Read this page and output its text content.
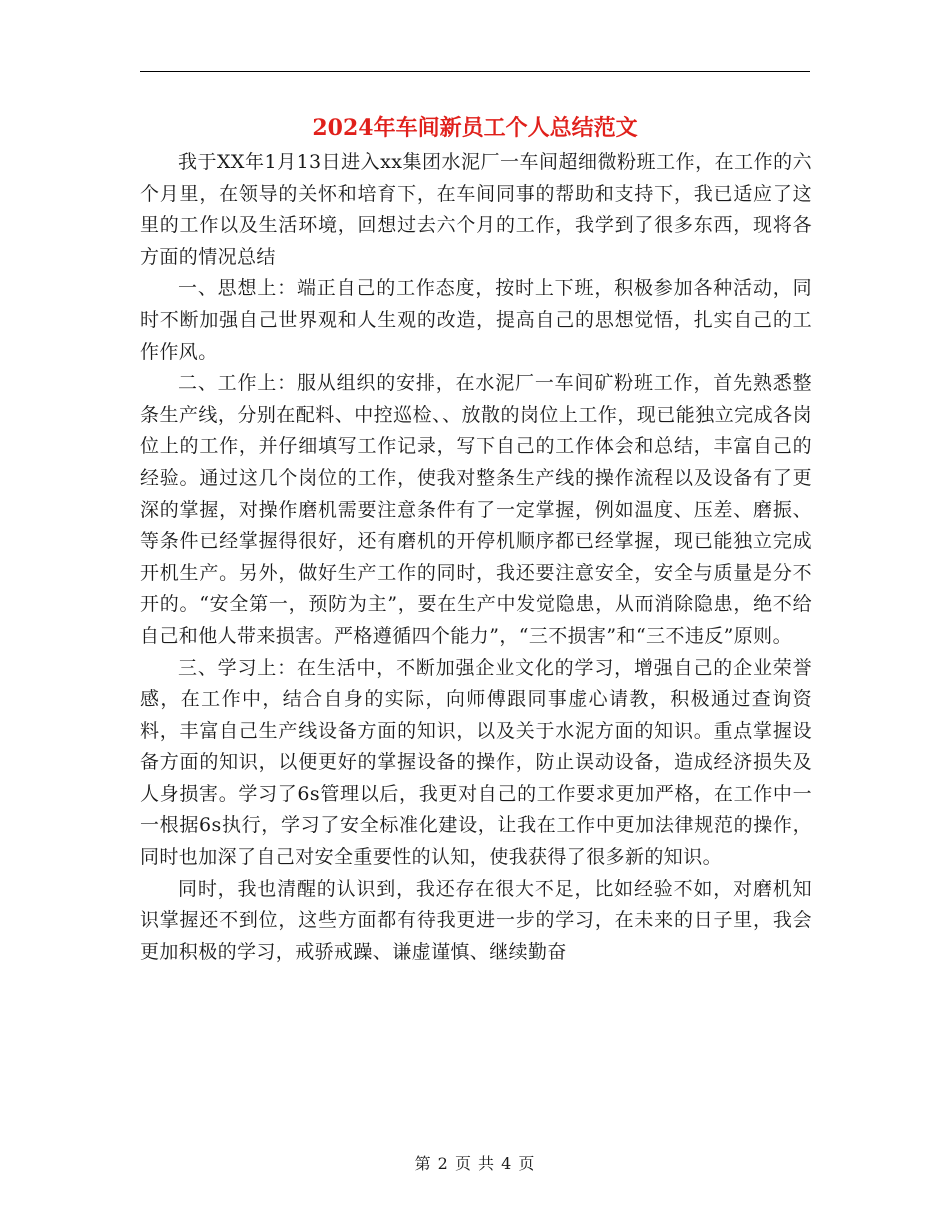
2024年车间新员工个人总结范文

我于XX年1月13日进入xx集团水泥厂一车间超细微粉班工作，在工作的六个月里，在领导的关怀和培育下，在车间同事的帮助和支持下，我已适应了这里的工作以及生活环境，回想过去六个月的工作，我学到了很多东西，现将各方面的情况总结

一、思想上：端正自己的工作态度，按时上下班，积极参加各种活动，同时不断加强自己世界观和人生观的改造，提高自己的思想觉悟，扎实自己的工作作风。

二、工作上：服从组织的安排，在水泥厂一车间矿粉班工作，首先熟悉整条生产线，分别在配料、中控巡检、、放散的岗位上工作，现已能独立完成各岗位上的工作，并仔细填写工作记录，写下自己的工作体会和总结，丰富自己的经验。通过这几个岗位的工作，使我对整条生产线的操作流程以及设备有了更深的掌握，对操作磨机需要注意条件有了一定掌握，例如温度、压差、磨振、等条件已经掌握得很好，还有磨机的开停机顺序都已经掌握，现已能独立完成开机生产。另外，做好生产工作的同时，我还要注意安全，安全与质量是分不开的。“安全第一，预防为主”，要在生产中发觉隐患，从而消除隐患，绝不给自己和他人带来损害。严格遵循四个能力”，“三不损害”和“三不违反”原则。

三、学习上：在生活中，不断加强企业文化的学习，增强自己的企业荣誉感，在工作中，结合自身的实际，向师傅跟同事虚心请教，积极通过查询资料，丰富自己生产线设备方面的知识，以及关于水泥方面的知识。重点掌握设备方面的知识，以便更好的掌握设备的操作，防止误动设备，造成经济损失及人身损害。学习了6s管理以后，我更对自己的工作要求更加严格，在工作中一一根据6s执行，学习了安全标准化建设，让我在工作中更加法律规范的操作，同时也加深了自己对安全重要性的认知，使我获得了很多新的知识。

同时，我也清醒的认识到，我还存在很大不足，比如经验不如，对磨机知识掌握还不到位，这些方面都有待我更进一步的学习，在未来的日子里，我会更加积极的学习，戒骄戒躁、谦虚谨慎、继续勤奋

第 2 页 共 4 页
